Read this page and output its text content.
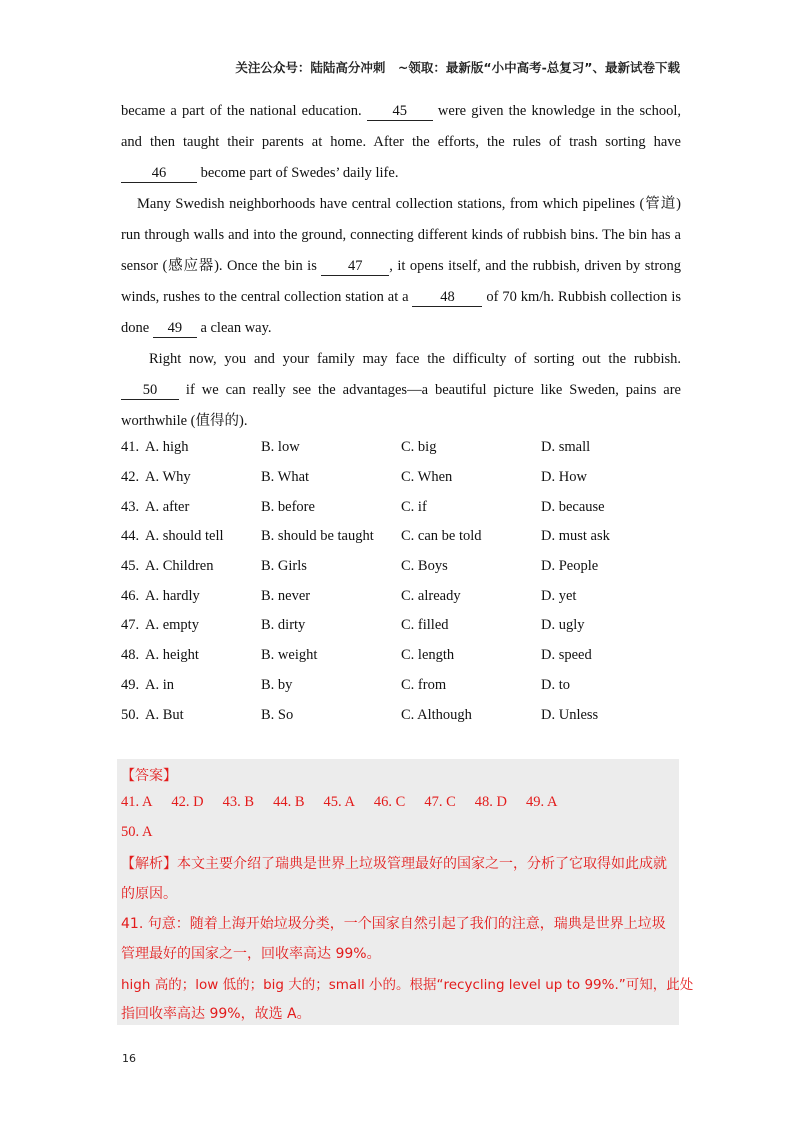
关注公众号：陆陆高分冲刺　~领取：最新版“小中高考-总复习”、最新试卷下载

became a part of the national education. 45 were given the knowledge in the school, and then taught their parents at home. After the efforts, the rules of trash sorting have 46 become part of Swedes’ daily life.

Many Swedish neighborhoods have central collection stations, from which pipelines (管道) run through walls and into the ground, connecting different kinds of rubbish bins. The bin has a sensor (感应器). Once the bin is 47 , it opens itself, and the rubbish, driven by strong winds, rushes to the central collection station at a 48 of 70 km/h. Rubbish collection is done 49 a clean way.

Right now, you and your family may face the difficulty of sorting out the rubbish. 50 if we can really see the advantages—a beautiful picture like Sweden, pains are worthwhile (值得的).

41. A. high	B. low	C. big	D. small
42. A. Why	B. What	C. When	D. How
43. A. after	B. before	C. if	D. because
44. A. should tell	B. should be taught	C. can be told	D. must ask
45. A. Children	B. Girls	C. Boys	D. People
46. A. hardly	B. never	C. already	D. yet
47. A. empty	B. dirty	C. filled	D. ugly
48. A. height	B. weight	C. length	D. speed
49. A. in	B. by	C. from	D. to
50. A. But	B. So	C. Although	D. Unless
【答案】
41. A 42. D 43. B 44. B 45. A 46. C 47. C 48. D 49. A
50. A
【解析】本文主要介绍了瑞典是世界上垃圾管理最好的国家之一，分析了它取得如此成就
的原因。
41. 句意：随着上海开始垃圾分类，一个国家自然引起了我们的注意，瑞典是世界上垃圾
管理最好的国家之一，回收率高达 99%。
high 高的；low 低的；big 大的；small 小的。根据“recycling level up to 99%.”可知，此处
指回收率高达 99%，故选 A。
16
